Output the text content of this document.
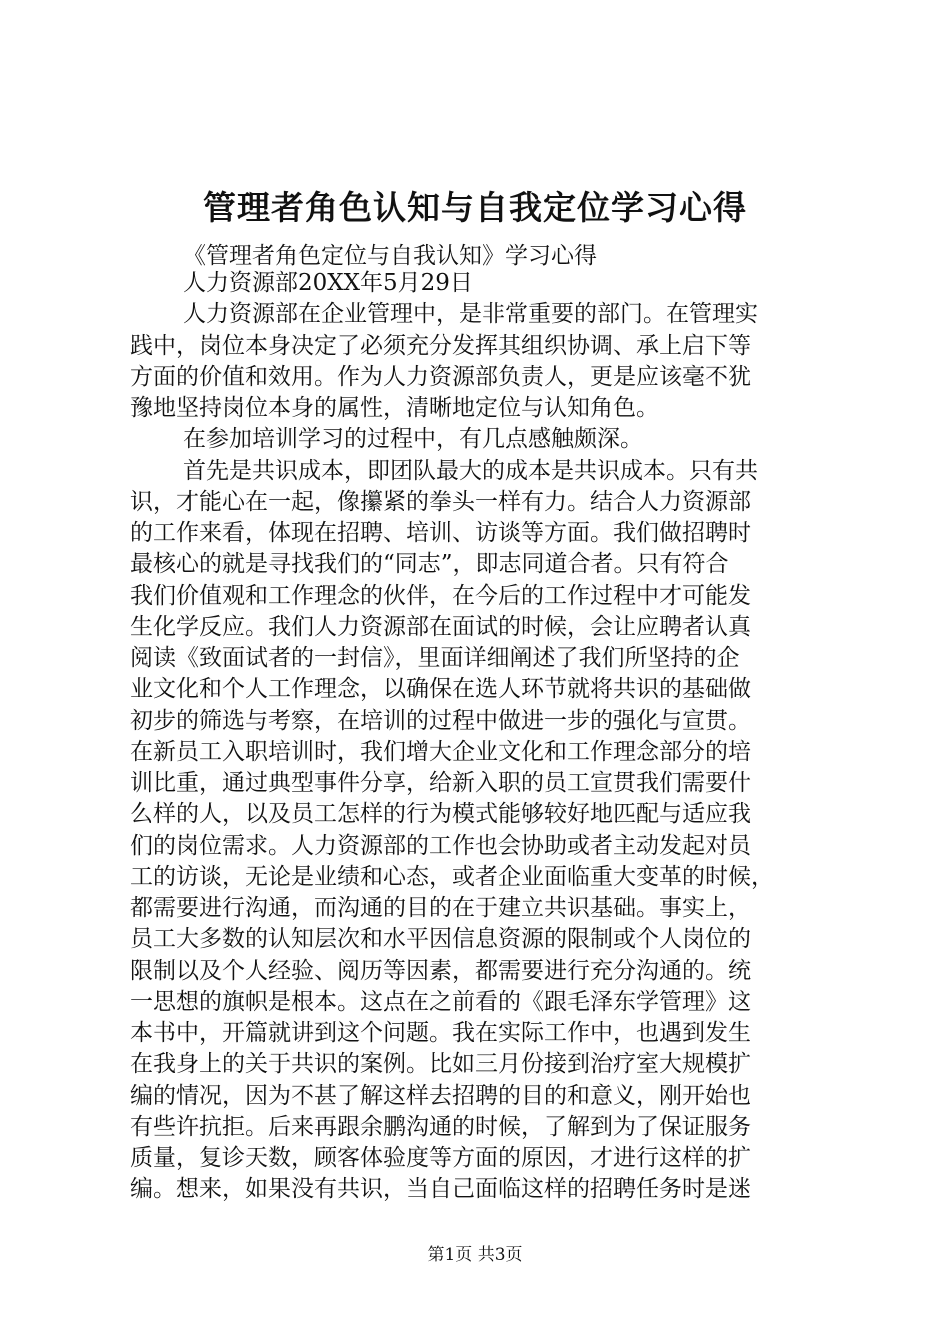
管理者角色认知与自我定位学习心得
《管理者角色定位与自我认知》学习心得
人力资源部20XX年5月29日
人力资源部在企业管理中，是非常重要的部门。在管理实
践中，岗位本身决定了必须充分发挥其组织协调、承上启下等
方面的价值和效用。作为人力资源部负责人，更是应该毫不犹
豫地坚持岗位本身的属性，清晰地定位与认知角色。
在参加培训学习的过程中，有几点感触颇深。
首先是共识成本，即团队最大的成本是共识成本。只有共
识，才能心在一起，像攥紧的拳头一样有力。结合人力资源部
的工作来看，体现在招聘、培训、访谈等方面。我们做招聘时
最核心的就是寻找我们的“同志”，即志同道合者。只有符合
我们价值观和工作理念的伙伴，在今后的工作过程中才可能发
生化学反应。我们人力资源部在面试的时候，会让应聘者认真
阅读《致面试者的一封信》，里面详细阐述了我们所坚持的企
业文化和个人工作理念，以确保在选人环节就将共识的基础做
初步的筛选与考察，在培训的过程中做进一步的强化与宣贯。
在新员工入职培训时，我们增大企业文化和工作理念部分的培
训比重，通过典型事件分享，给新入职的员工宣贯我们需要什
么样的人，以及员工怎样的行为模式能够较好地匹配与适应我
们的岗位需求。人力资源部的工作也会协助或者主动发起对员
工的访谈，无论是业绩和心态，或者企业面临重大变革的时候，
都需要进行沟通，而沟通的目的在于建立共识基础。事实上，
员工大多数的认知层次和水平因信息资源的限制或个人岗位的
限制以及个人经验、阅历等因素，都需要进行充分沟通的。统
一思想的旗帜是根本。这点在之前看的《跟毛泽东学管理》这
本书中，开篇就讲到这个问题。我在实际工作中，也遇到发生
在我身上的关于共识的案例。比如三月份接到治疗室大规模扩
编的情况，因为不甚了解这样去招聘的目的和意义，刚开始也
有些许抗拒。后来再跟余鹏沟通的时候，了解到为了保证服务
质量，复诊天数，顾客体验度等方面的原因，才进行这样的扩
编。想来，如果没有共识，当自己面临这样的招聘任务时是迷
第1页 共3页
